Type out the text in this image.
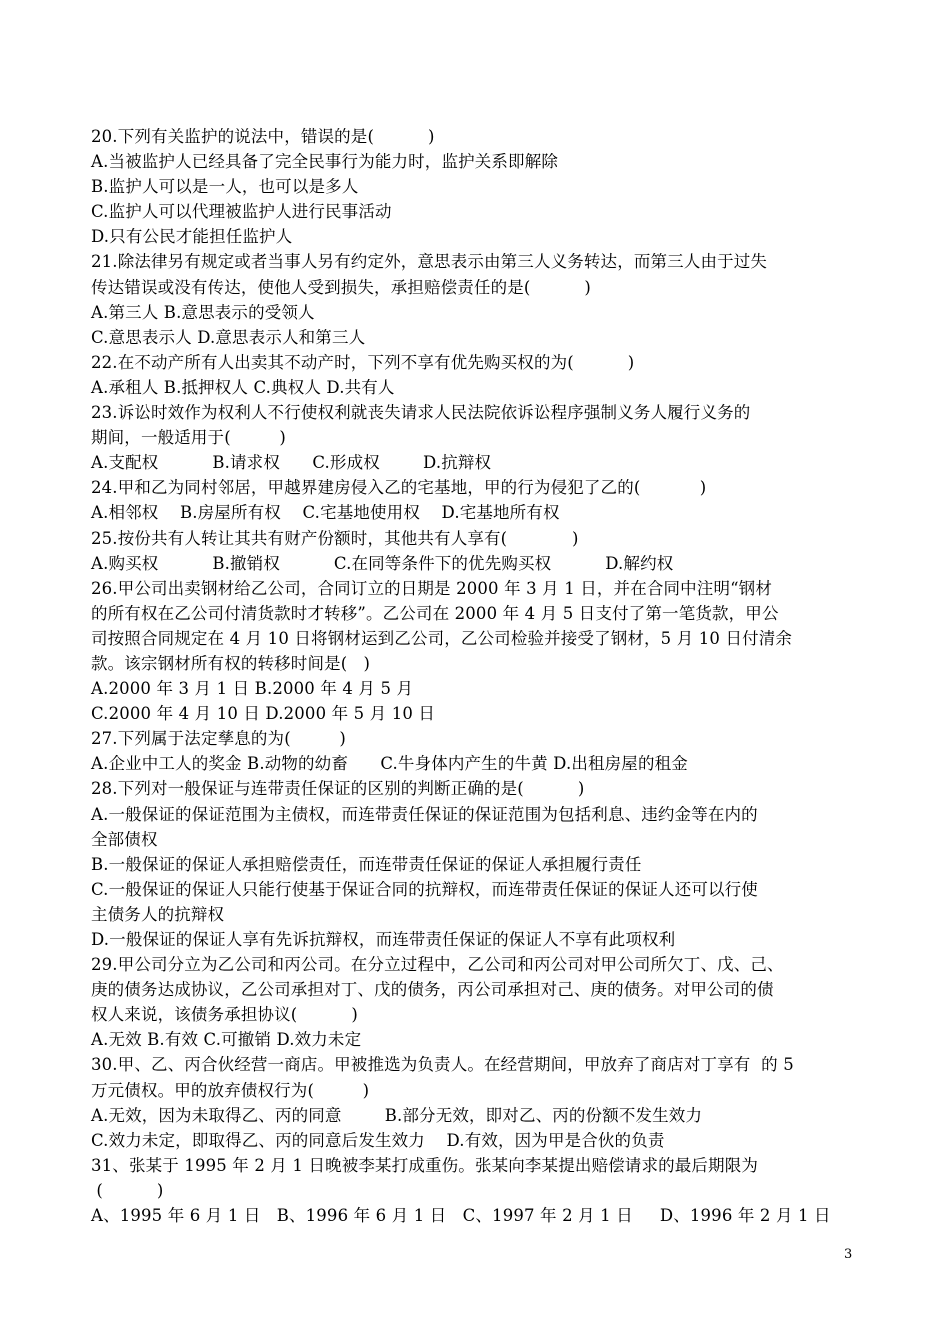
20.下列有关监护的说法中，错误的是(          )
A.当被监护人已经具备了完全民事行为能力时，监护关系即解除
B.监护人可以是一人，也可以是多人
C.监护人可以代理被监护人进行民事活动
D.只有公民才能担任监护人
21.除法律另有规定或者当事人另有约定外，意思表示由第三人义务转达，而第三人由于过失
传达错误或没有传达，使他人受到损失，承担赔偿责任的是(          )
A.第三人 B.意思表示的受领人
C.意思表示人 D.意思表示人和第三人
22.在不动产所有人出卖其不动产时，下列不享有优先购买权的为(          )
A.承租人 B.抵押权人 C.典权人 D.共有人
23.诉讼时效作为权利人不行使权利就丧失请求人民法院依诉讼程序强制义务人履行义务的
期间，一般适用于(         )
A.支配权          B.请求权      C.形成权        D.抗辩权
24.甲和乙为同村邻居，甲越界建房侵入乙的宅基地，甲的行为侵犯了乙的(           )
A.相邻权    B.房屋所有权    C.宅基地使用权    D.宅基地所有权
25.按份共有人转让其共有财产份额时，其他共有人享有(            )
A.购买权          B.撤销权          C.在同等条件下的优先购买权          D.解约权
26.甲公司出卖钢材给乙公司，合同订立的日期是 2000 年 3 月 1 日，并在合同中注明“钢材
的所有权在乙公司付清货款时才转移”。乙公司在 2000 年 4 月 5 日支付了第一笔货款，甲公
司按照合同规定在 4 月 10 日将钢材运到乙公司，乙公司检验并接受了钢材，5 月 10 日付清余
款。该宗钢材所有权的转移时间是(   )
A.2000 年 3 月 1 日 B.2000 年 4 月 5 月
C.2000 年 4 月 10 日 D.2000 年 5 月 10 日
27.下列属于法定孳息的为(         )
A.企业中工人的奖金 B.动物的幼畜      C.牛身体内产生的牛黄 D.出租房屋的租金
28.下列对一般保证与连带责任保证的区别的判断正确的是(          )
A.一般保证的保证范围为主债权，而连带责任保证的保证范围为包括利息、违约金等在内的
全部债权
B.一般保证的保证人承担赔偿责任，而连带责任保证的保证人承担履行责任
C.一般保证的保证人只能行使基于保证合同的抗辩权，而连带责任保证的保证人还可以行使
主债务人的抗辩权
D.一般保证的保证人享有先诉抗辩权，而连带责任保证的保证人不享有此项权利
29.甲公司分立为乙公司和丙公司。在分立过程中，乙公司和丙公司对甲公司所欠丁、戊、己、
庚的债务达成协议，乙公司承担对丁、戊的债务，丙公司承担对己、庚的债务。对甲公司的债
权人来说，该债务承担协议(          )
A.无效 B.有效 C.可撤销 D.效力未定
30.甲、乙、丙合伙经营一商店。甲被推选为负责人。在经营期间，甲放弃了商店对丁享有  的 5
万元债权。甲的放弃债权行为(         )
A.无效，因为未取得乙、丙的同意        B.部分无效，即对乙、丙的份额不发生效力
C.效力未定，即取得乙、丙的同意后发生效力    D.有效，因为甲是合伙的负责
31、张某于 1995 年 2 月 1 日晚被李某打成重伤。张某向李某提出赔偿请求的最后期限为
(          )
A、1995 年 6 月 1 日   B、1996 年 6 月 1 日   C、1997 年 2 月 1 日     D、1996 年 2 月 1 日
3
